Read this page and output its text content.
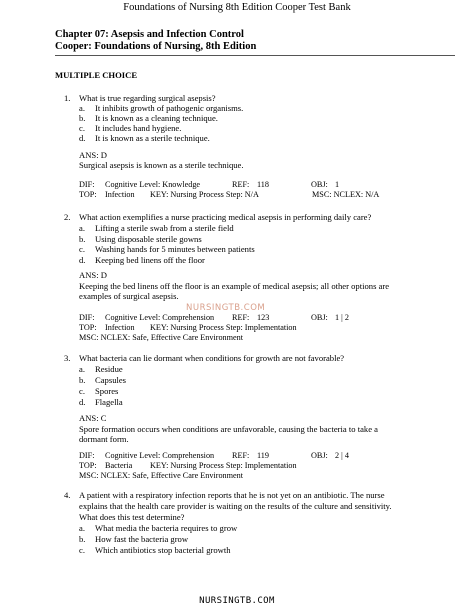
Foundations of Nursing 8th Edition Cooper Test Bank
Chapter 07: Asepsis and Infection Control
Cooper: Foundations of Nursing, 8th Edition
MULTIPLE CHOICE
1. What is true regarding surgical asepsis?
a. It inhibits growth of pathogenic organisms.
b. It is known as a cleaning technique.
c. It includes hand hygiene.
d. It is known as a sterile technique.
ANS: D
Surgical asepsis is known as a sterile technique.
DIF: Cognitive Level: Knowledge	REF: 118	OBJ: 1
TOP: Infection KEY: Nursing Process Step: N/A	MSC: NCLEX: N/A
2. What action exemplifies a nurse practicing medical asepsis in performing daily care?
a. Lifting a sterile swab from a sterile field
b. Using disposable sterile gowns
c. Washing hands for 5 minutes between patients
d. Keeping bed linens off the floor
ANS: D
Keeping the bed linens off the floor is an example of medical asepsis; all other options are
examples of surgical asepsis.
NURSINGTB.COM
DIF: Cognitive Level: Comprehension REF: 123	OBJ: 1 | 2
TOP: Infection KEY: Nursing Process Step: Implementation
MSC: NCLEX: Safe, Effective Care Environment
3. What bacteria can lie dormant when conditions for growth are not favorable?
a. Residue
b. Capsules
c. Spores
d. Flagella
ANS: C
Spore formation occurs when conditions are unfavorable, causing the bacteria to take a
dormant form.
DIF: Cognitive Level: Comprehension REF: 119	OBJ: 2 | 4
TOP: Bacteria KEY: Nursing Process Step: Implementation
MSC: NCLEX: Safe, Effective Care Environment
4. A patient with a respiratory infection reports that he is not yet on an antibiotic. The nurse
explains that the health care provider is waiting on the results of the culture and sensitivity.
What does this test determine?
a. What media the bacteria requires to grow
b. How fast the bacteria grow
c. Which antibiotics stop bacterial growth
NURSINGTB.COM
